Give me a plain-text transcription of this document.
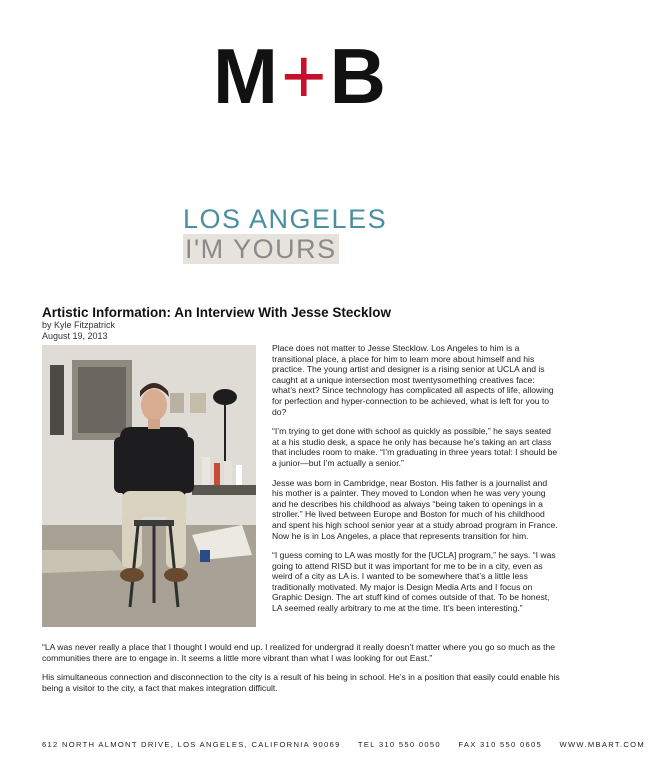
M+B
LOS ANGELES
I'M YOURS
Artistic Information: An Interview With Jesse Stecklow
by Kyle Fitzpatrick
August 19, 2013

Place does not matter to Jesse Stecklow. Los Angeles to him is a transitional place, a place for him to learn more about himself and his practice. The young artist and designer is a rising senior at UCLA and is caught at a unique intersection most twentysomething creatives face: what’s next? Since technology has complicated all aspects of life, allowing for perfection and hyper-connection to be achieved, what is left for you to do?

“I’m trying to get done with school as quickly as possible,” he says seated at a his studio desk, a space he only has because he’s taking an art class that includes room to make. “I’m graduating in three years total: I should be a junior—but I’m actually a senior.”

Jesse was born in Cambridge, near Boston. His father is a journalist and his mother is a painter. They moved to London when he was very young and he describes his childhood as always “being taken to openings in a stroller.” He lived between Europe and Boston for much of his childhood and spent his high school senior year at a study abroad program in France. Now he is in Los Angeles, a place that represents transition for him.

“I guess coming to LA was mostly for the [UCLA] program,” he says. “I was going to attend RISD but it was important for me to be in a city, even as weird of a city as LA is. I wanted to be somewhere that’s a little less traditionally motivated. My major is Design Media Arts and I focus on Graphic Design. The art stuff kind of comes outside of that. To be honest, LA seemed really arbitrary to me at the time. It’s been interesting.”

“LA was never really a place that I thought I would end up. I realized for undergrad it really doesn’t matter where you go so much as the communities there are to engage in. It seems a little more vibrant than what I was looking for out East.”

His simultaneous connection and disconnection to the city is a result of his being in school. He’s in a position that easily could enable his being a visitor to the city, a fact that makes integration difficult.

612 NORTH ALMONT DRIVE, LOS ANGELES, CALIFORNIA 90069 TEL 310 550 0050 FAX 310 550 0605 WWW.MBART.COM
